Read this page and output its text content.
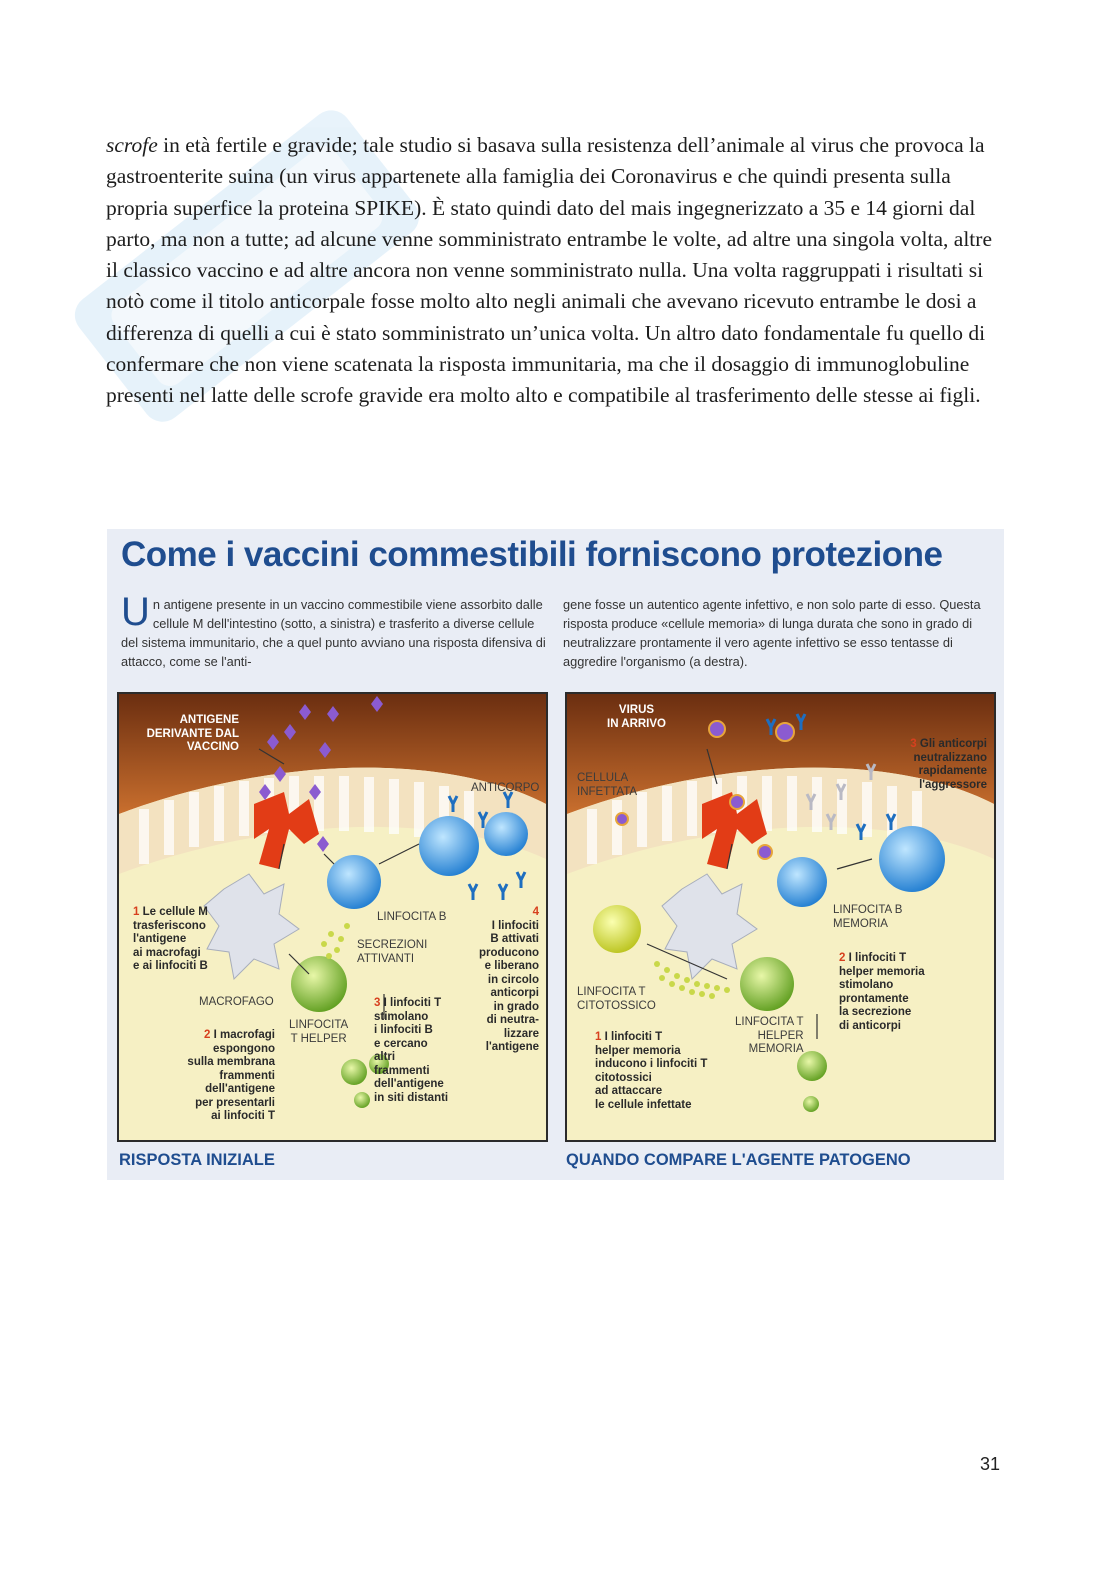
scrofe in età fertile e gravide; tale studio si basava sulla resistenza dell’animale al virus che provoca la gastroenterite suina (un virus appartenete alla famiglia dei Coronavirus e che quindi presenta sulla propria superfice la proteina SPIKE). È stato quindi dato del mais ingegnerizzato a 35 e 14 giorni dal parto, ma non a tutte; ad alcune venne somministrato entrambe le volte, ad altre una singola volta, altre il classico vaccino e ad altre ancora non venne somministrato nulla. Una volta raggruppati i risultati si notò come il titolo anticorpale fosse molto alto negli animali che avevano ricevuto entrambe le dosi a differenza di quelli a cui è stato somministrato un’unica volta. Un altro dato fondamentale fu quello di confermare che non viene scatenata la risposta immunitaria, ma che il dosaggio di immunoglobuline presenti nel latte delle scrofe gravide era molto alto e compatibile al trasferimento delle stesse ai figli.
Come i vaccini commestibili forniscono protezione
Un antigene presente in un vaccino commestibile viene assorbito dalle cellule M dell'intestino (sotto, a sinistra) e trasferito a diverse cellule del sistema immunitario, che a quel punto avviano una risposta difensiva di attacco, come se l'anti-
gene fosse un autentico agente infettivo, e non solo parte di esso. Questa risposta produce «cellule memoria» di lunga durata che sono in grado di neutralizzare prontamente il vero agente infettivo se esso tentasse di aggredire l'organismo (a destra).
ANTIGENE
DERIVANTE DAL
VACCINO
ANTICORPO
1 Le cellule M
trasferiscono
l'antigene
ai macrofagi
e ai linfociti B
MACROFAGO
2 I macrofagi
espongono
sulla membrana
frammenti
dell'antigene
per presentarli
ai linfociti T
LINFOCITA B
SECREZIONI
ATTIVANTI
LINFOCITA
T HELPER
3 I linfociti T
stimolano
i linfociti B
e cercano
altri
frammenti
dell'antigene
in siti distanti
4
I linfociti
B attivati
producono
e liberano
in circolo
anticorpi
in grado
di neutra-
lizzare
l'antigene
VIRUS
IN ARRIVO
CELLULA
INFETTATA
3 Gli anticorpi
neutralizzano
rapidamente
l'aggressore
LINFOCITA B
MEMORIA
2 I linfociti T
helper memoria
stimolano
prontamente
la secrezione
di anticorpi
LINFOCITA T
CITOTOSSICO
LINFOCITA T
HELPER
MEMORIA
1 I linfociti T
helper memoria
inducono i linfociti T
citotossici
ad attaccare
le cellule infettate
RISPOSTA INIZIALE	QUANDO COMPARE L'AGENTE PATOGENO
31
